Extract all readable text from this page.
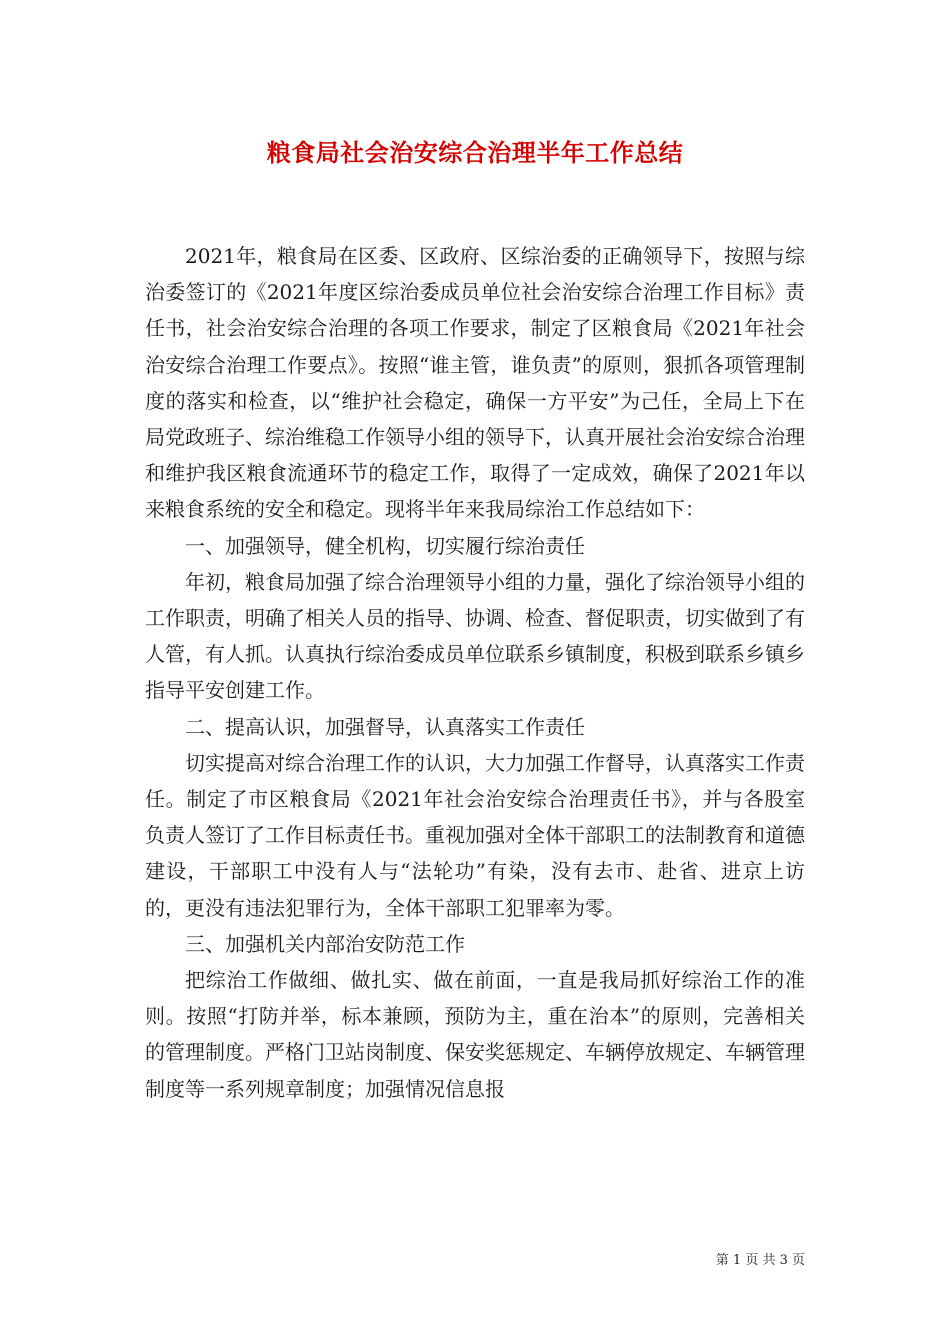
粮食局社会治安综合治理半年工作总结

2021年，粮食局在区委、区政府、区综治委的正确领导下，按照与综治委签订的《2021年度区综治委成员单位社会治安综合治理工作目标》责任书，社会治安综合治理的各项工作要求，制定了区粮食局《2021年社会治安综合治理工作要点》。按照“谁主管，谁负责”的原则，狠抓各项管理制度的落实和检查，以“维护社会稳定，确保一方平安”为己任，全局上下在局党政班子、综治维稳工作领导小组的领导下，认真开展社会治安综合治理和维护我区粮食流通环节的稳定工作，取得了一定成效，确保了2021年以来粮食系统的安全和稳定。现将半年来我局综治工作总结如下：

一、加强领导，健全机构，切实履行综治责任

年初，粮食局加强了综合治理领导小组的力量，强化了综治领导小组的工作职责，明确了相关人员的指导、协调、检查、督促职责，切实做到了有人管，有人抓。认真执行综治委成员单位联系乡镇制度，积极到联系乡镇乡指导平安创建工作。

二、提高认识，加强督导，认真落实工作责任

切实提高对综合治理工作的认识，大力加强工作督导，认真落实工作责任。制定了市区粮食局《2021年社会治安综合治理责任书》，并与各股室负责人签订了工作目标责任书。重视加强对全体干部职工的法制教育和道德建设，干部职工中没有人与“法轮功”有染，没有去市、赴省、进京上访的，更没有违法犯罪行为，全体干部职工犯罪率为零。

三、加强机关内部治安防范工作

把综治工作做细、做扎实、做在前面，一直是我局抓好综治工作的准则。按照“打防并举，标本兼顾，预防为主，重在治本”的原则，完善相关的管理制度。严格门卫站岗制度、保安奖惩规定、车辆停放规定、车辆管理制度等一系列规章制度；加强情况信息报

第 1 页 共 3 页
